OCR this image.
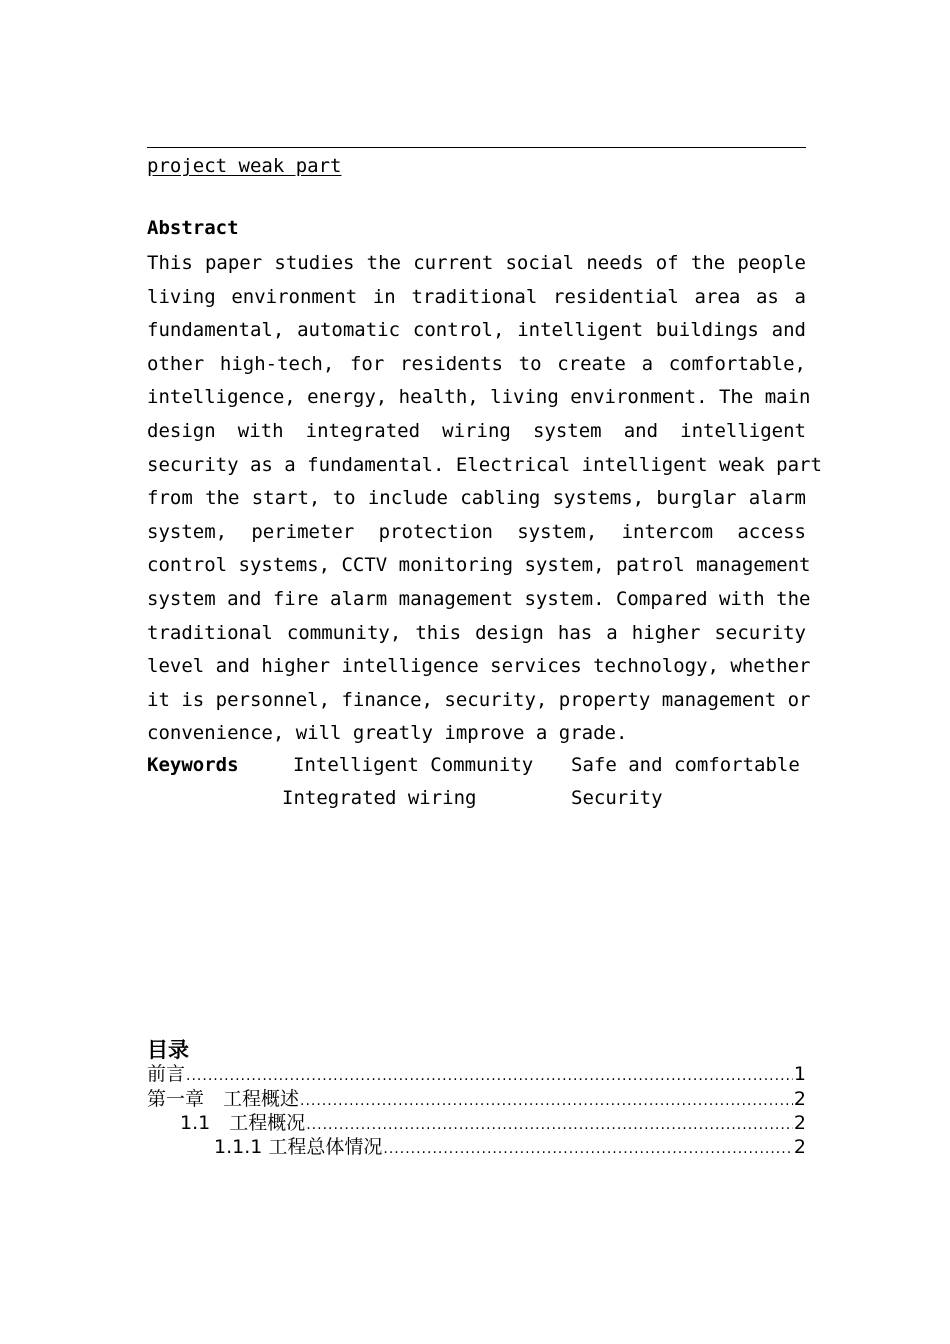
project weak part
Abstract
This paper studies the current social needs of the people
living environment in traditional residential area as a
fundamental, automatic control, intelligent buildings and
other high-tech, for residents to create a comfortable,
intelligence, energy, health, living environment. The main
design with integrated wiring system and intelligent
security as a fundamental. Electrical intelligent weak part
from the start, to include cabling systems, burglar alarm
system, perimeter protection system, intercom access
control systems, CCTV monitoring system, patrol management
system and fire alarm management system. Compared with the
traditional community, this design has a higher security
level and higher intelligence services technology, whether
it is personnel, finance, security, property management or
convenience, will greatly improve a grade.
Keywords	Intelligent Community Safe and comfortable
Integrated wiring	Security
目录
前言 .....	1
第一章　工程概述 .....	2
1.1　工程概况 .....	2
1.1.1 工程总体情况 .....	2
